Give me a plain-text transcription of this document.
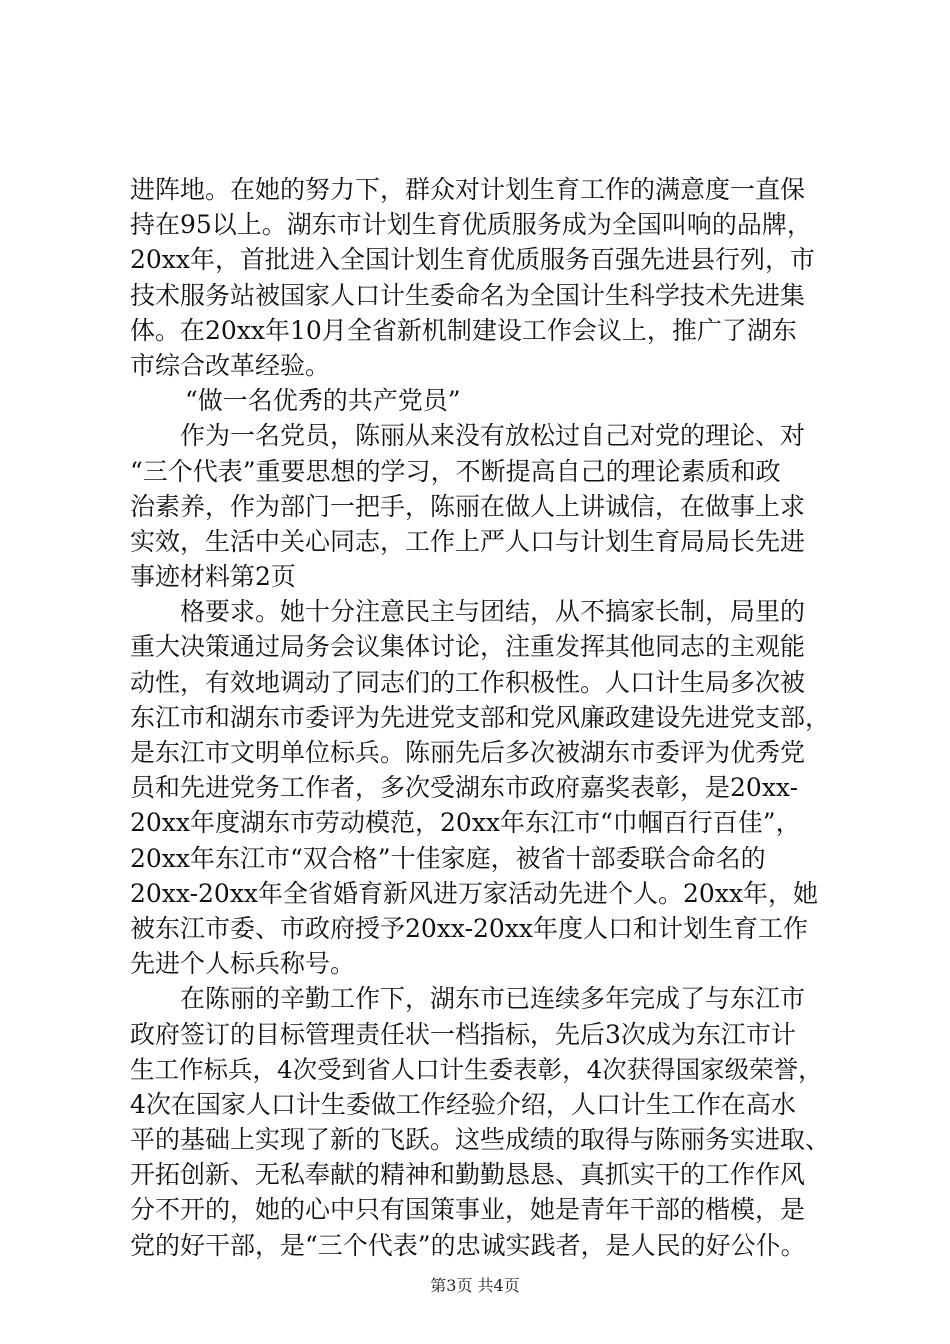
进阵地。在她的努力下，群众对计划生育工作的满意度一直保
持在95以上。湖东市计划生育优质服务成为全国叫响的品牌，
20xx年，首批进入全国计划生育优质服务百强先进县行列，市
技术服务站被国家人口计生委命名为全国计生科学技术先进集
体。在20xx年10月全省新机制建设工作会议上，推广了湖东
市综合改革经验。
“做一名优秀的共产党员”
作为一名党员，陈丽从来没有放松过自己对党的理论、对
“三个代表”重要思想的学习，不断提高自己的理论素质和政
治素养，作为部门一把手，陈丽在做人上讲诚信，在做事上求
实效，生活中关心同志，工作上严人口与计划生育局局长先进
事迹材料第2页
格要求。她十分注意民主与团结，从不搞家长制，局里的
重大决策通过局务会议集体讨论，注重发挥其他同志的主观能
动性，有效地调动了同志们的工作积极性。人口计生局多次被
东江市和湖东市委评为先进党支部和党风廉政建设先进党支部，
是东江市文明单位标兵。陈丽先后多次被湖东市委评为优秀党
员和先进党务工作者，多次受湖东市政府嘉奖表彰，是20xx-
20xx年度湖东市劳动模范，20xx年东江市“巾帼百行百佳”，
20xx年东江市“双合格”十佳家庭，被省十部委联合命名的
20xx-20xx年全省婚育新风进万家活动先进个人。20xx年，她
被东江市委、市政府授予20xx-20xx年度人口和计划生育工作
先进个人标兵称号。
在陈丽的辛勤工作下，湖东市已连续多年完成了与东江市
政府签订的目标管理责任状一档指标，先后3次成为东江市计
生工作标兵，4次受到省人口计生委表彰，4次获得国家级荣誉，
4次在国家人口计生委做工作经验介绍，人口计生工作在高水
平的基础上实现了新的飞跃。这些成绩的取得与陈丽务实进取、
开拓创新、无私奉献的精神和勤勤恳恳、真抓实干的工作作风
分不开的，她的心中只有国策事业，她是青年干部的楷模，是
党的好干部，是“三个代表”的忠诚实践者，是人民的好公仆。
第3页 共4页
